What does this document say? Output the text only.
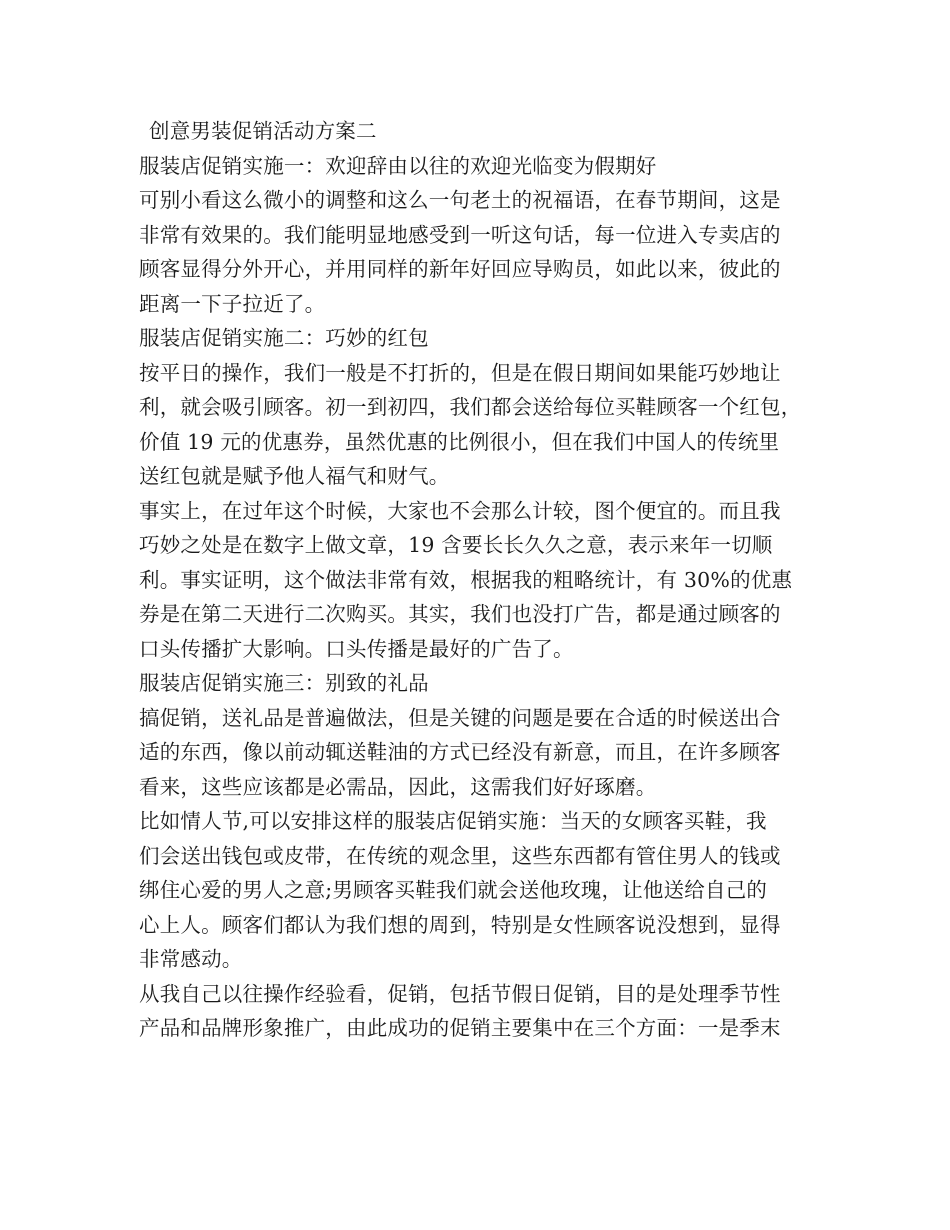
创意男装促销活动方案二
服装店促销实施一：欢迎辞由以往的欢迎光临变为假期好
可别小看这么微小的调整和这么一句老土的祝福语，在春节期间，这是
非常有效果的。我们能明显地感受到一听这句话，每一位进入专卖店的
顾客显得分外开心，并用同样的新年好回应导购员，如此以来，彼此的
距离一下子拉近了。
服装店促销实施二：巧妙的红包
按平日的操作，我们一般是不打折的，但是在假日期间如果能巧妙地让
利，就会吸引顾客。初一到初四，我们都会送给每位买鞋顾客一个红包，
价值 19 元的优惠券，虽然优惠的比例很小，但在我们中国人的传统里
送红包就是赋予他人福气和财气。
事实上，在过年这个时候，大家也不会那么计较，图个便宜的。而且我
巧妙之处是在数字上做文章，19 含要长长久久之意，表示来年一切顺
利。事实证明，这个做法非常有效，根据我的粗略统计，有 30%的优惠
券是在第二天进行二次购买。其实，我们也没打广告，都是通过顾客的
口头传播扩大影响。口头传播是最好的广告了。
服装店促销实施三：别致的礼品
搞促销，送礼品是普遍做法，但是关键的问题是要在合适的时候送出合
适的东西，像以前动辄送鞋油的方式已经没有新意，而且，在许多顾客
看来，这些应该都是必需品，因此，这需我们好好琢磨。
比如情人节,可以安排这样的服装店促销实施：当天的女顾客买鞋，我
们会送出钱包或皮带，在传统的观念里，这些东西都有管住男人的钱或
绑住心爱的男人之意;男顾客买鞋我们就会送他玫瑰，让他送给自己的
心上人。顾客们都认为我们想的周到，特别是女性顾客说没想到，显得
非常感动。
从我自己以往操作经验看，促销，包括节假日促销，目的是处理季节性
产品和品牌形象推广，由此成功的促销主要集中在三个方面：一是季末
